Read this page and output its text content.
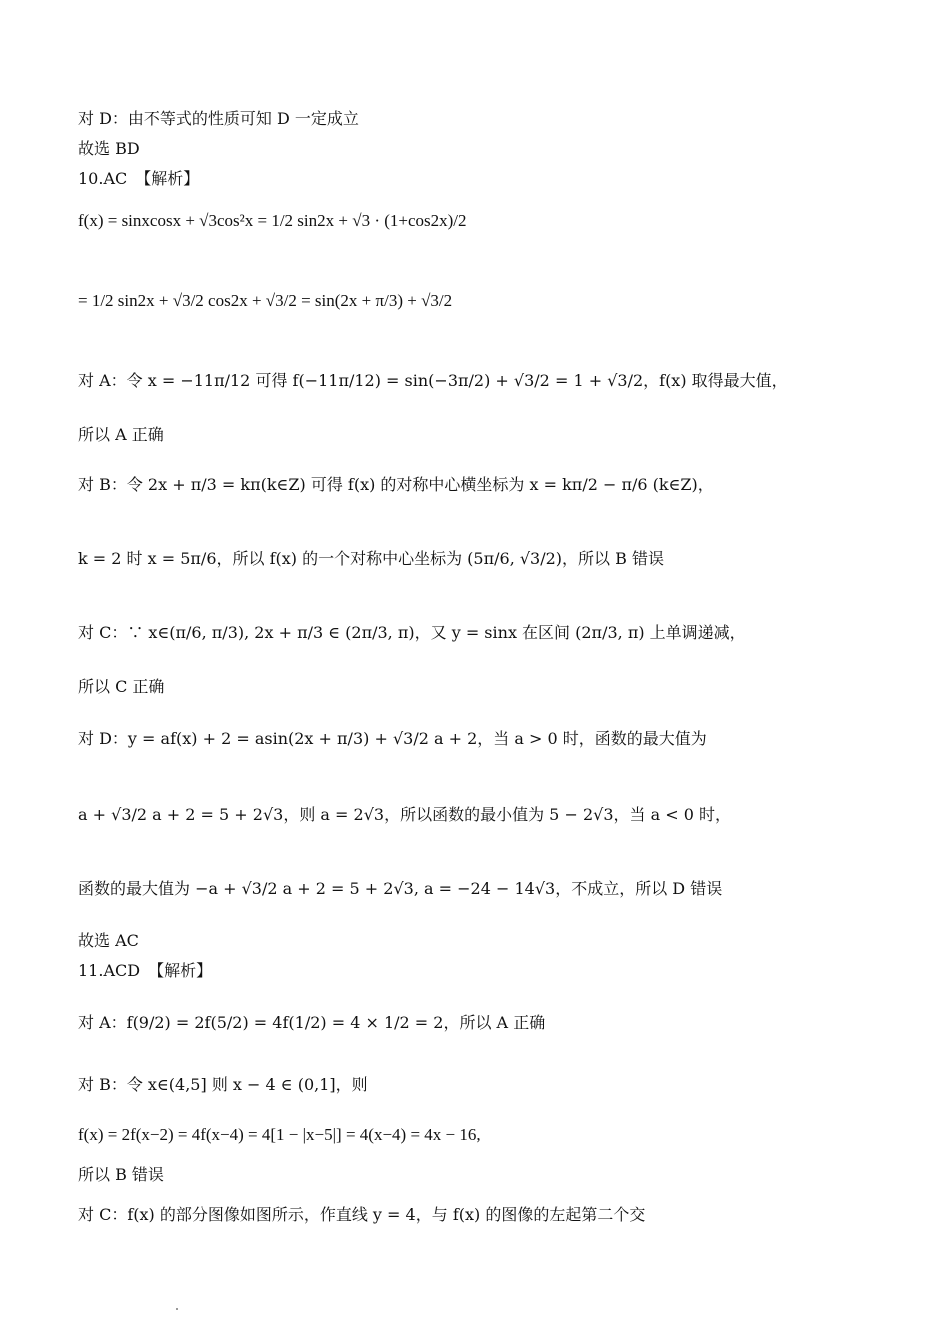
对 D：由不等式的性质可知 D 一定成立
故选 BD
10.AC　【解析】
f(x) = sinxcosx + √3cos²x = 1/2 sin2x + √3 · (1+cos2x)/2
= 1/2 sin2x + √3/2 cos2x + √3/2 = sin(2x + π/3) + √3/2
对 A：令 x = −11π/12 可得 f(−11π/12) = sin(−3π/2) + √3/2 = 1 + √3/2，f(x) 取得最大值，
所以 A 正确
对 B：令 2x + π/3 = kπ(k∈Z) 可得 f(x) 的对称中心横坐标为 x = kπ/2 − π/6 (k∈Z)，
k = 2 时 x = 5π/6，所以 f(x) 的一个对称中心坐标为 (5π/6, √3/2)，所以 B 错误
对 C：∵ x∈(π/6, π/3), 2x + π/3 ∈ (2π/3, π)，又 y = sinx 在区间 (2π/3, π) 上单调递减，
所以 C 正确
对 D：y = af(x) + 2 = asin(2x + π/3) + √3/2 a + 2，当 a > 0 时，函数的最大值为
a + √3/2 a + 2 = 5 + 2√3，则 a = 2√3，所以函数的最小值为 5 − 2√3，当 a < 0 时，
函数的最大值为 −a + √3/2 a + 2 = 5 + 2√3, a = −24 − 14√3，不成立，所以 D 错误
故选 AC
11.ACD　【解析】
对 A：f(9/2) = 2f(5/2) = 4f(1/2) = 4 × 1/2 = 2，所以 A 正确
对 B：令 x∈(4,5] 则 x − 4 ∈ (0,1]，则
f(x) = 2f(x−2) = 4f(x−4) = 4[1 − |x−5|] = 4(x−4) = 4x − 16,
所以 B 错误
对 C：f(x) 的部分图像如图所示，作直线 y = 4，与 f(x) 的图像的左起第二个交
